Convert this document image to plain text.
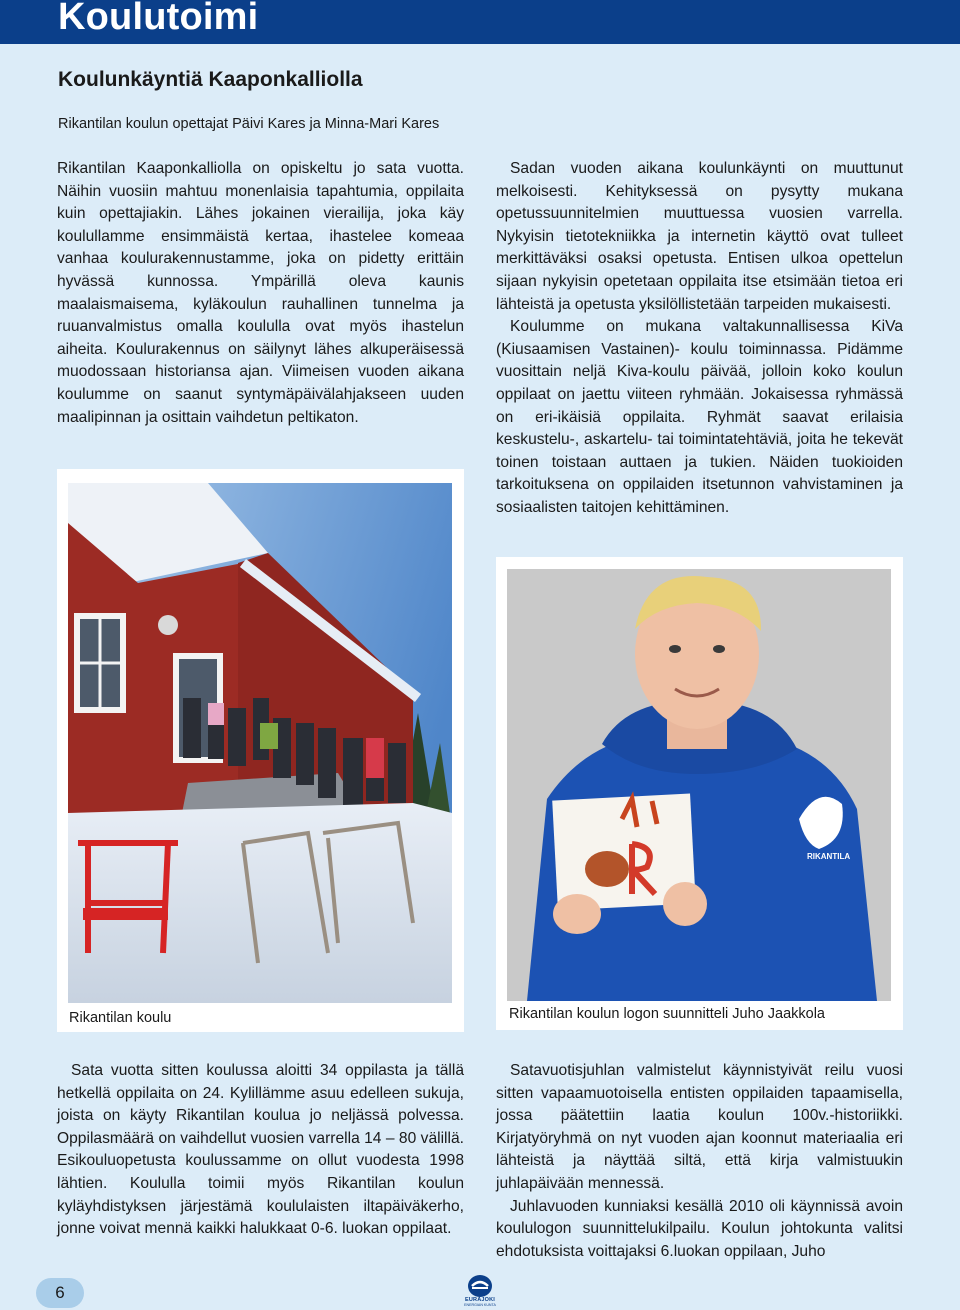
Koulutoimi
Koulunkäyntiä Kaaponkalliolla
Rikantilan koulun opettajat Päivi Kares ja Minna-Mari Kares

Rikantilan Kaaponkalliolla on opiskeltu jo sata vuotta. Näihin vuosiin mahtuu monenlaisia tapahtumia, oppilaita kuin opettajiakin. Lähes jokainen vierailija, joka käy koulullamme ensimmäistä kertaa, ihastelee komeaa vanhaa koulurakennustamme, joka on pidetty erittäin hyvässä kunnossa. Ympärillä oleva kaunis maalaismaisema, kyläkoulun rauhallinen tunnelma ja ruuanvalmistus omalla koululla ovat myös ihastelun aiheita. Koulurakennus on säilynyt lähes alkuperäisessä muodossaan historiansa ajan. Viimeisen vuoden aikana koulumme on saanut syntymäpäivälahjakseen uuden maalipinnan ja osittain vaihdetun peltikaton.

Sadan vuoden aikana koulunkäynti on muuttunut melkoisesti. Kehityksessä on pysytty mukana opetussuunnitelmien muuttuessa vuosien varrella. Nykyisin tietotekniikka ja internetin käyttö ovat tulleet merkittäväksi osaksi opetusta. Entisen ulkoa opettelun sijaan nykyisin opetetaan oppilaita itse etsimään tietoa eri lähteistä ja opetusta yksilöllistetään tarpeiden mukaisesti.

Koulumme on mukana valtakunnallisessa KiVa (Kiusaamisen Vastainen)- koulu toiminnassa. Pidämme vuosittain neljä Kiva-koulu päivää, jolloin koko koulun oppilaat on jaettu viiteen ryhmään. Jokaisessa ryhmässä on eri-ikäisiä oppilaita. Ryhmät saavat erilaisia keskustelu-, askartelu- tai toimintatehtäviä, joita he tekevät toinen toistaan auttaen ja tukien. Näiden tuokioiden tarkoituksena on oppilaiden itsetunnon vahvistaminen ja sosiaalisten taitojen kehittäminen.

Rikantilan koulu
RIKANTILA
Rikantilan koulun logon suunnitteli Juho Jaakkola

Sata vuotta sitten koulussa aloitti 34 oppilasta ja tällä hetkellä oppilaita on 24. Kylillämme asuu edelleen sukuja, joista on käyty Rikantilan koulua jo neljässä polvessa. Oppilasmäärä on vaihdellut vuosien varrella 14 – 80 välillä. Esikouluopetusta koulussamme on ollut vuodesta 1998 lähtien. Koululla toimii myös Rikantilan koulun kyläyhdistyksen järjestämä koululaisten iltapäiväkerho, jonne voivat mennä kaikki halukkaat 0-6. luokan oppilaat.

Satavuotisjuhlan valmistelut käynnistyivät reilu vuosi sitten vapaamuotoisella entisten oppilaiden tapaamisella, jossa päätettiin laatia koulun 100v.-historiikki. Kirjatyöryhmä on nyt vuoden ajan koonnut materiaalia eri lähteistä ja näyttää siltä, että kirja valmistuukin juhlapäivään mennessä.

Juhlavuoden kunniaksi kesällä 2010 oli käynnissä avoin koululogon suunnittelukilpailu. Koulun johtokunta valitsi ehdotuksista voittajaksi 6.luokan oppilaan, Juho

6	EURAJOKI
ENERGIAN KUNTA
